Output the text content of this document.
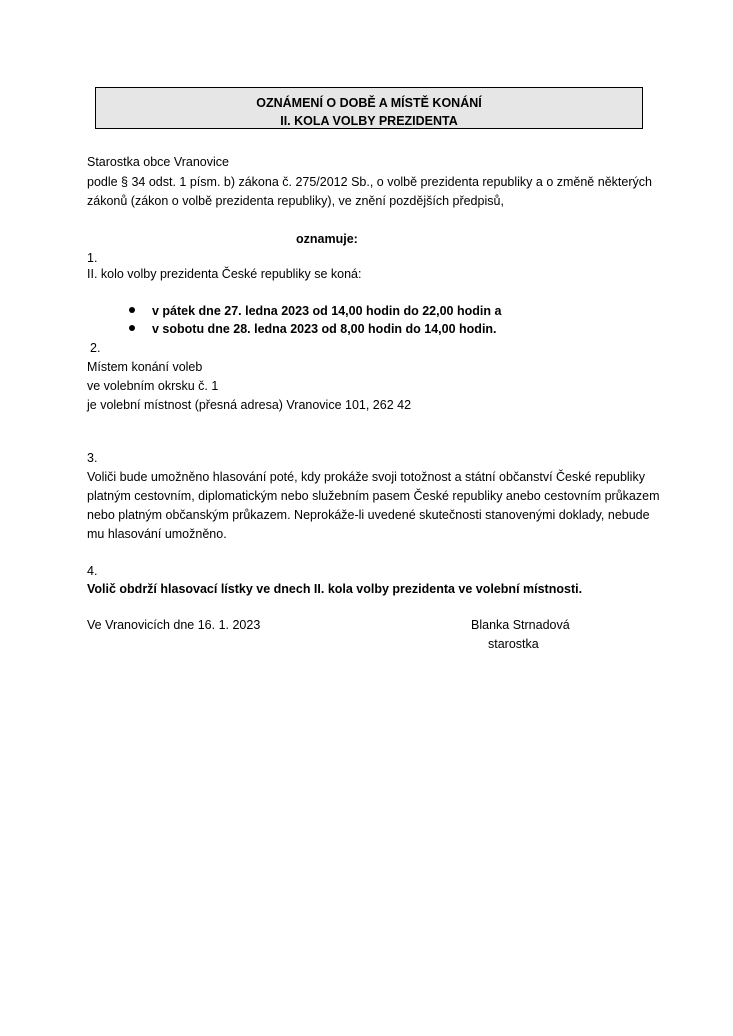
OZNÁMENÍ O DOBĚ A MÍSTĚ KONÁNÍ
II. KOLA VOLBY PREZIDENTA
Starostka obce Vranovice
podle § 34 odst. 1 písm. b) zákona č. 275/2012 Sb., o volbě prezidenta republiky a o změně některých
zákonů (zákon o volbě prezidenta republiky), ve znění pozdějších předpisů,
oznamuje:
1.
II. kolo volby prezidenta České republiky se koná:
v pátek dne 27. ledna 2023 od 14,00 hodin do 22,00 hodin a
v sobotu dne 28. ledna 2023 od 8,00 hodin do 14,00 hodin.
2.
Místem konání voleb
ve volebním okrsku č. 1
je volební místnost (přesná adresa) Vranovice 101, 262 42
3.
Voliči bude umožněno hlasování poté, kdy prokáže svoji totožnost a státní občanství České republiky
platným cestovním, diplomatickým nebo služebním pasem České republiky anebo cestovním průkazem
nebo platným občanským průkazem. Neprokáže-li uvedené skutečnosti stanovenými doklady, nebude
mu hlasování umožněno.
4.
Volič obdrží hlasovací lístky ve dnech II. kola volby prezidenta ve volební místnosti.
Ve Vranovicích dne 16. 1. 2023	Blanka Strnadová
starostka
